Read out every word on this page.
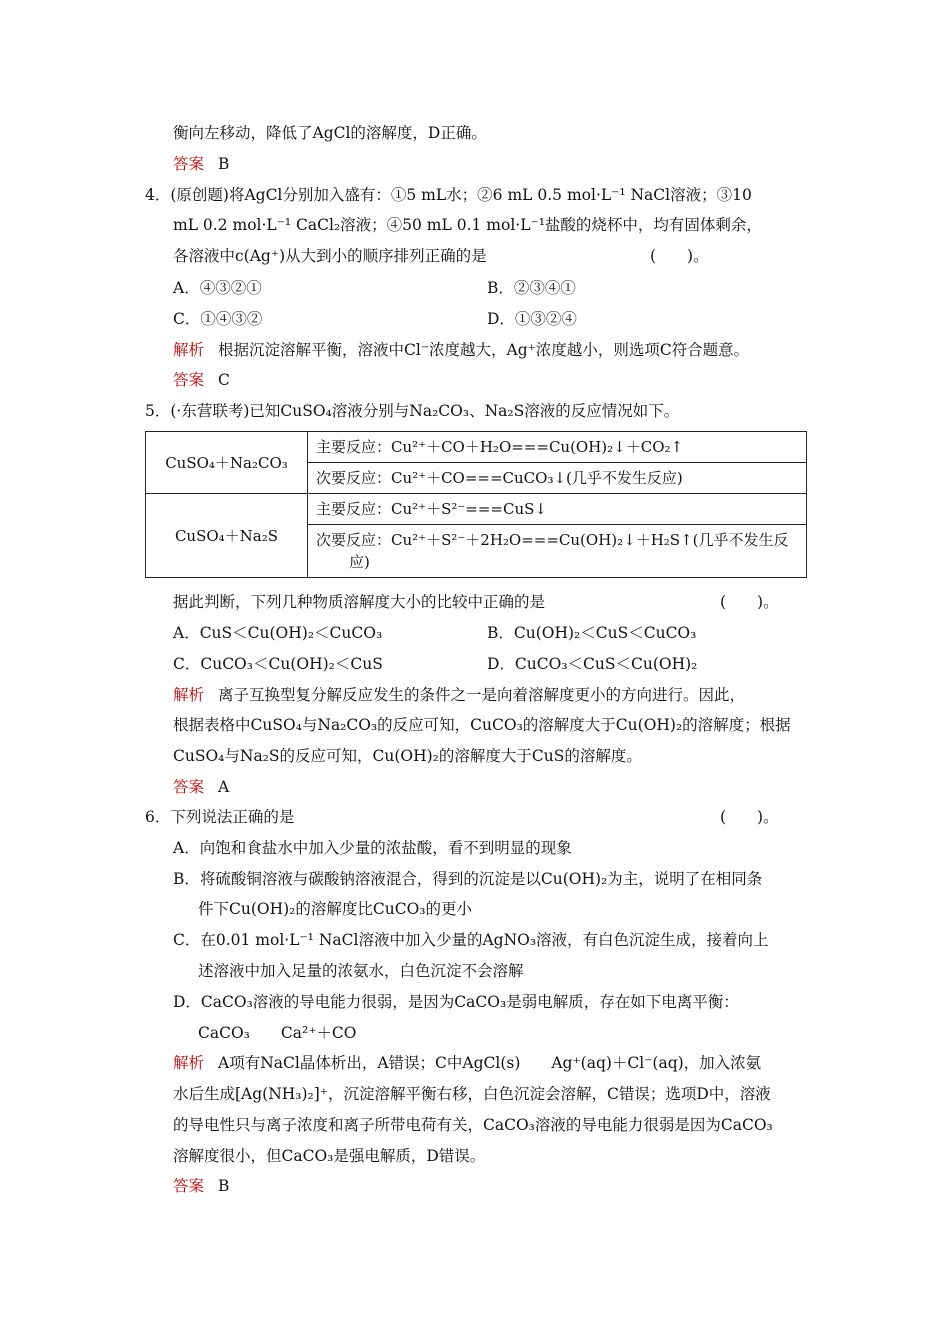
衡向左移动，降低了AgCl的溶解度，D正确。
答案 B
4．(原创题)将AgCl分别加入盛有：①5 mL水；②6 mL 0.5 mol·L⁻¹ NaCl溶液；③10
mL 0.2 mol·L⁻¹ CaCl₂溶液；④50 mL 0.1 mol·L⁻¹盐酸的烧杯中，均有固体剩余，
各溶液中c(Ag⁺)从大到小的顺序排列正确的是	(　　)。
A．④③②①	B．②③④①
C．①④③②	D．①③②④
解析 根据沉淀溶解平衡，溶液中Cl⁻浓度越大，Ag⁺浓度越小，则选项C符合题意。
答案 C
5．(·东营联考)已知CuSO₄溶液分别与Na₂CO₃、Na₂S溶液的反应情况如下。
CuSO₄＋Na₂CO₃	主要反应：Cu²⁺＋CO＋H₂O===Cu(OH)₂↓＋CO₂↑
	次要反应：Cu²⁺＋CO===CuCO₃↓(几乎不发生反应)
CuSO₄＋Na₂S	主要反应：Cu²⁺＋S²⁻===CuS↓
	次要反应：Cu²⁺＋S²⁻＋2H₂O===Cu(OH)₂↓＋H₂S↑(几乎不发生反
应)
据此判断，下列几种物质溶解度大小的比较中正确的是	(　　)。
A．CuS＜Cu(OH)₂＜CuCO₃	B．Cu(OH)₂＜CuS＜CuCO₃
C．CuCO₃＜Cu(OH)₂＜CuS	D．CuCO₃＜CuS＜Cu(OH)₂
解析 离子互换型复分解反应发生的条件之一是向着溶解度更小的方向进行。因此，
根据表格中CuSO₄与Na₂CO₃的反应可知，CuCO₃的溶解度大于Cu(OH)₂的溶解度；根据
CuSO₄与Na₂S的反应可知，Cu(OH)₂的溶解度大于CuS的溶解度。
答案 A
6．下列说法正确的是	(　　)。
A．向饱和食盐水中加入少量的浓盐酸，看不到明显的现象
B．将硫酸铜溶液与碳酸钠溶液混合，得到的沉淀是以Cu(OH)₂为主，说明了在相同条
件下Cu(OH)₂的溶解度比CuCO₃的更小
C．在0.01 mol·L⁻¹ NaCl溶液中加入少量的AgNO₃溶液，有白色沉淀生成，接着向上
述溶液中加入足量的浓氨水，白色沉淀不会溶解
D．CaCO₃溶液的导电能力很弱，是因为CaCO₃是弱电解质，存在如下电离平衡：
CaCO₃　　Ca²⁺＋CO
解析 A项有NaCl晶体析出，A错误；C中AgCl(s)　　Ag⁺(aq)＋Cl⁻(aq)，加入浓氨
水后生成[Ag(NH₃)₂]⁺，沉淀溶解平衡右移，白色沉淀会溶解，C错误；选项D中，溶液
的导电性只与离子浓度和离子所带电荷有关，CaCO₃溶液的导电能力很弱是因为CaCO₃
溶解度很小，但CaCO₃是强电解质，D错误。
答案 B
